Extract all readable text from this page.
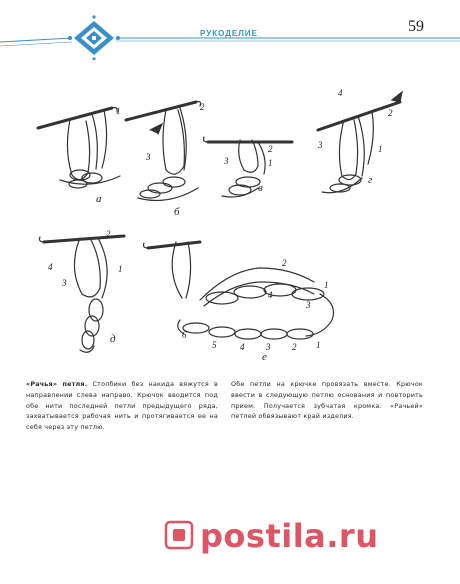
РУКОДЕЛИЕ	59
а
б
в
г
д
е
1	2
3	3	1
2
4
2
3	1
2
4
3
1
2
1
4
3
6
5	4 3 2 1
«Рачья» петля. Столбики без накида вяжутся в направлении слева направо. Крючок вводится под обе нити последней петли предыдущего ряда, захватывается рабочая нить и протягивается ее на себя через эту петлю.
Обе петли на крючке провязать вместе. Крючок ввести в следующую петлю основания и повторить прием. Получается зубчатая кромка. «Рачьей» петлей обвязывают край изделия.
postila.ru
